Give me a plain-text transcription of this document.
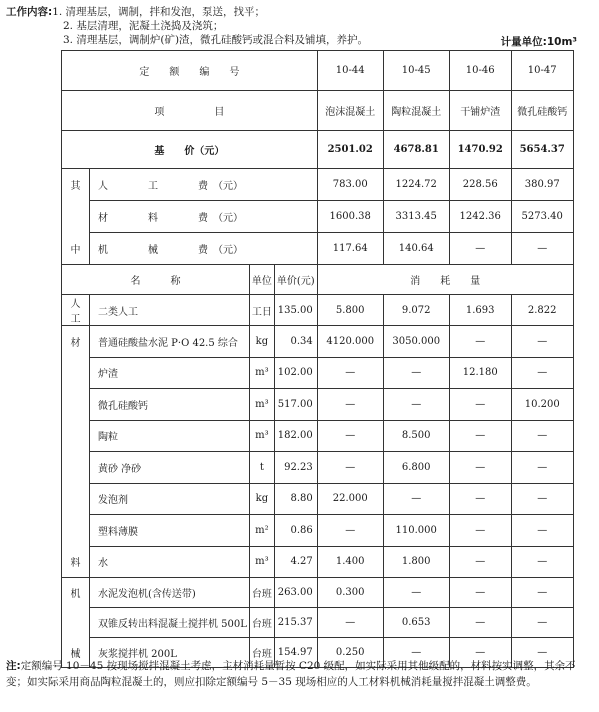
工作内容:1. 清理基层，调制，拌和发泡，泵送，找平；
2. 基层清理，泥凝土浇捣及浇筑；
3. 清理基层，调制炉(矿)渣，微孔硅酸钙或混合料及铺填，养护。	计量单位:10m³
定　　额　　编　　号				10-44	10-45	10-46	10-47
项　　　　　目				泡沫混凝土	陶粒混凝土	干铺炉渣	微孔硅酸钙
基　　价（元）				2501.02	4678.81	1470.92	5654.37
其	人　　　　工　　　　费　（元）			783.00	1224.72	228.56	380.97
	材　　　　料　　　　费　（元）			1600.38	3313.45	1242.36	5273.40
中	机　　　　械　　　　费　（元）			117.64	140.64	—	—
名　　　称		单位	单价(元)	消　　耗　　量			
人
工	二类人工	工日	135.00	5.800	9.072	1.693	2.822
材	普通硅酸盐水泥 P·O 42.5 综合	kg	0.34	4120.000	3050.000	—	—
	炉渣	m³	102.00	—	—	12.180	—
	微孔硅酸钙	m³	517.00	—	—	—	10.200
	陶粒	m³	182.00	—	8.500	—	—
	黄砂 净砂	t	92.23	—	6.800	—	—
	发泡剂	kg	8.80	22.000	—	—	—
	塑料薄膜	m²	0.86	—	110.000	—	—
料	水	m³	4.27	1.400	1.800	—	—
机	水泥发泡机(含传送带)	台班	263.00	0.300	—	—	—
	双锥反转出料混凝土搅拌机 500L	台班	215.37	—	0.653	—	—
械	灰浆搅拌机 200L	台班	154.97	0.250	—	—	—
注:定额编号 10－45 按现场搅拌混凝土考虑，主材消耗量暂按 C20 级配，如实际采用其他级配的，材料按实调整，其余不变；如实际采用商品陶粒混凝土的，则应扣除定额编号 5－35 现场相应的人工材料机械消耗量搅拌混凝土调整费。
